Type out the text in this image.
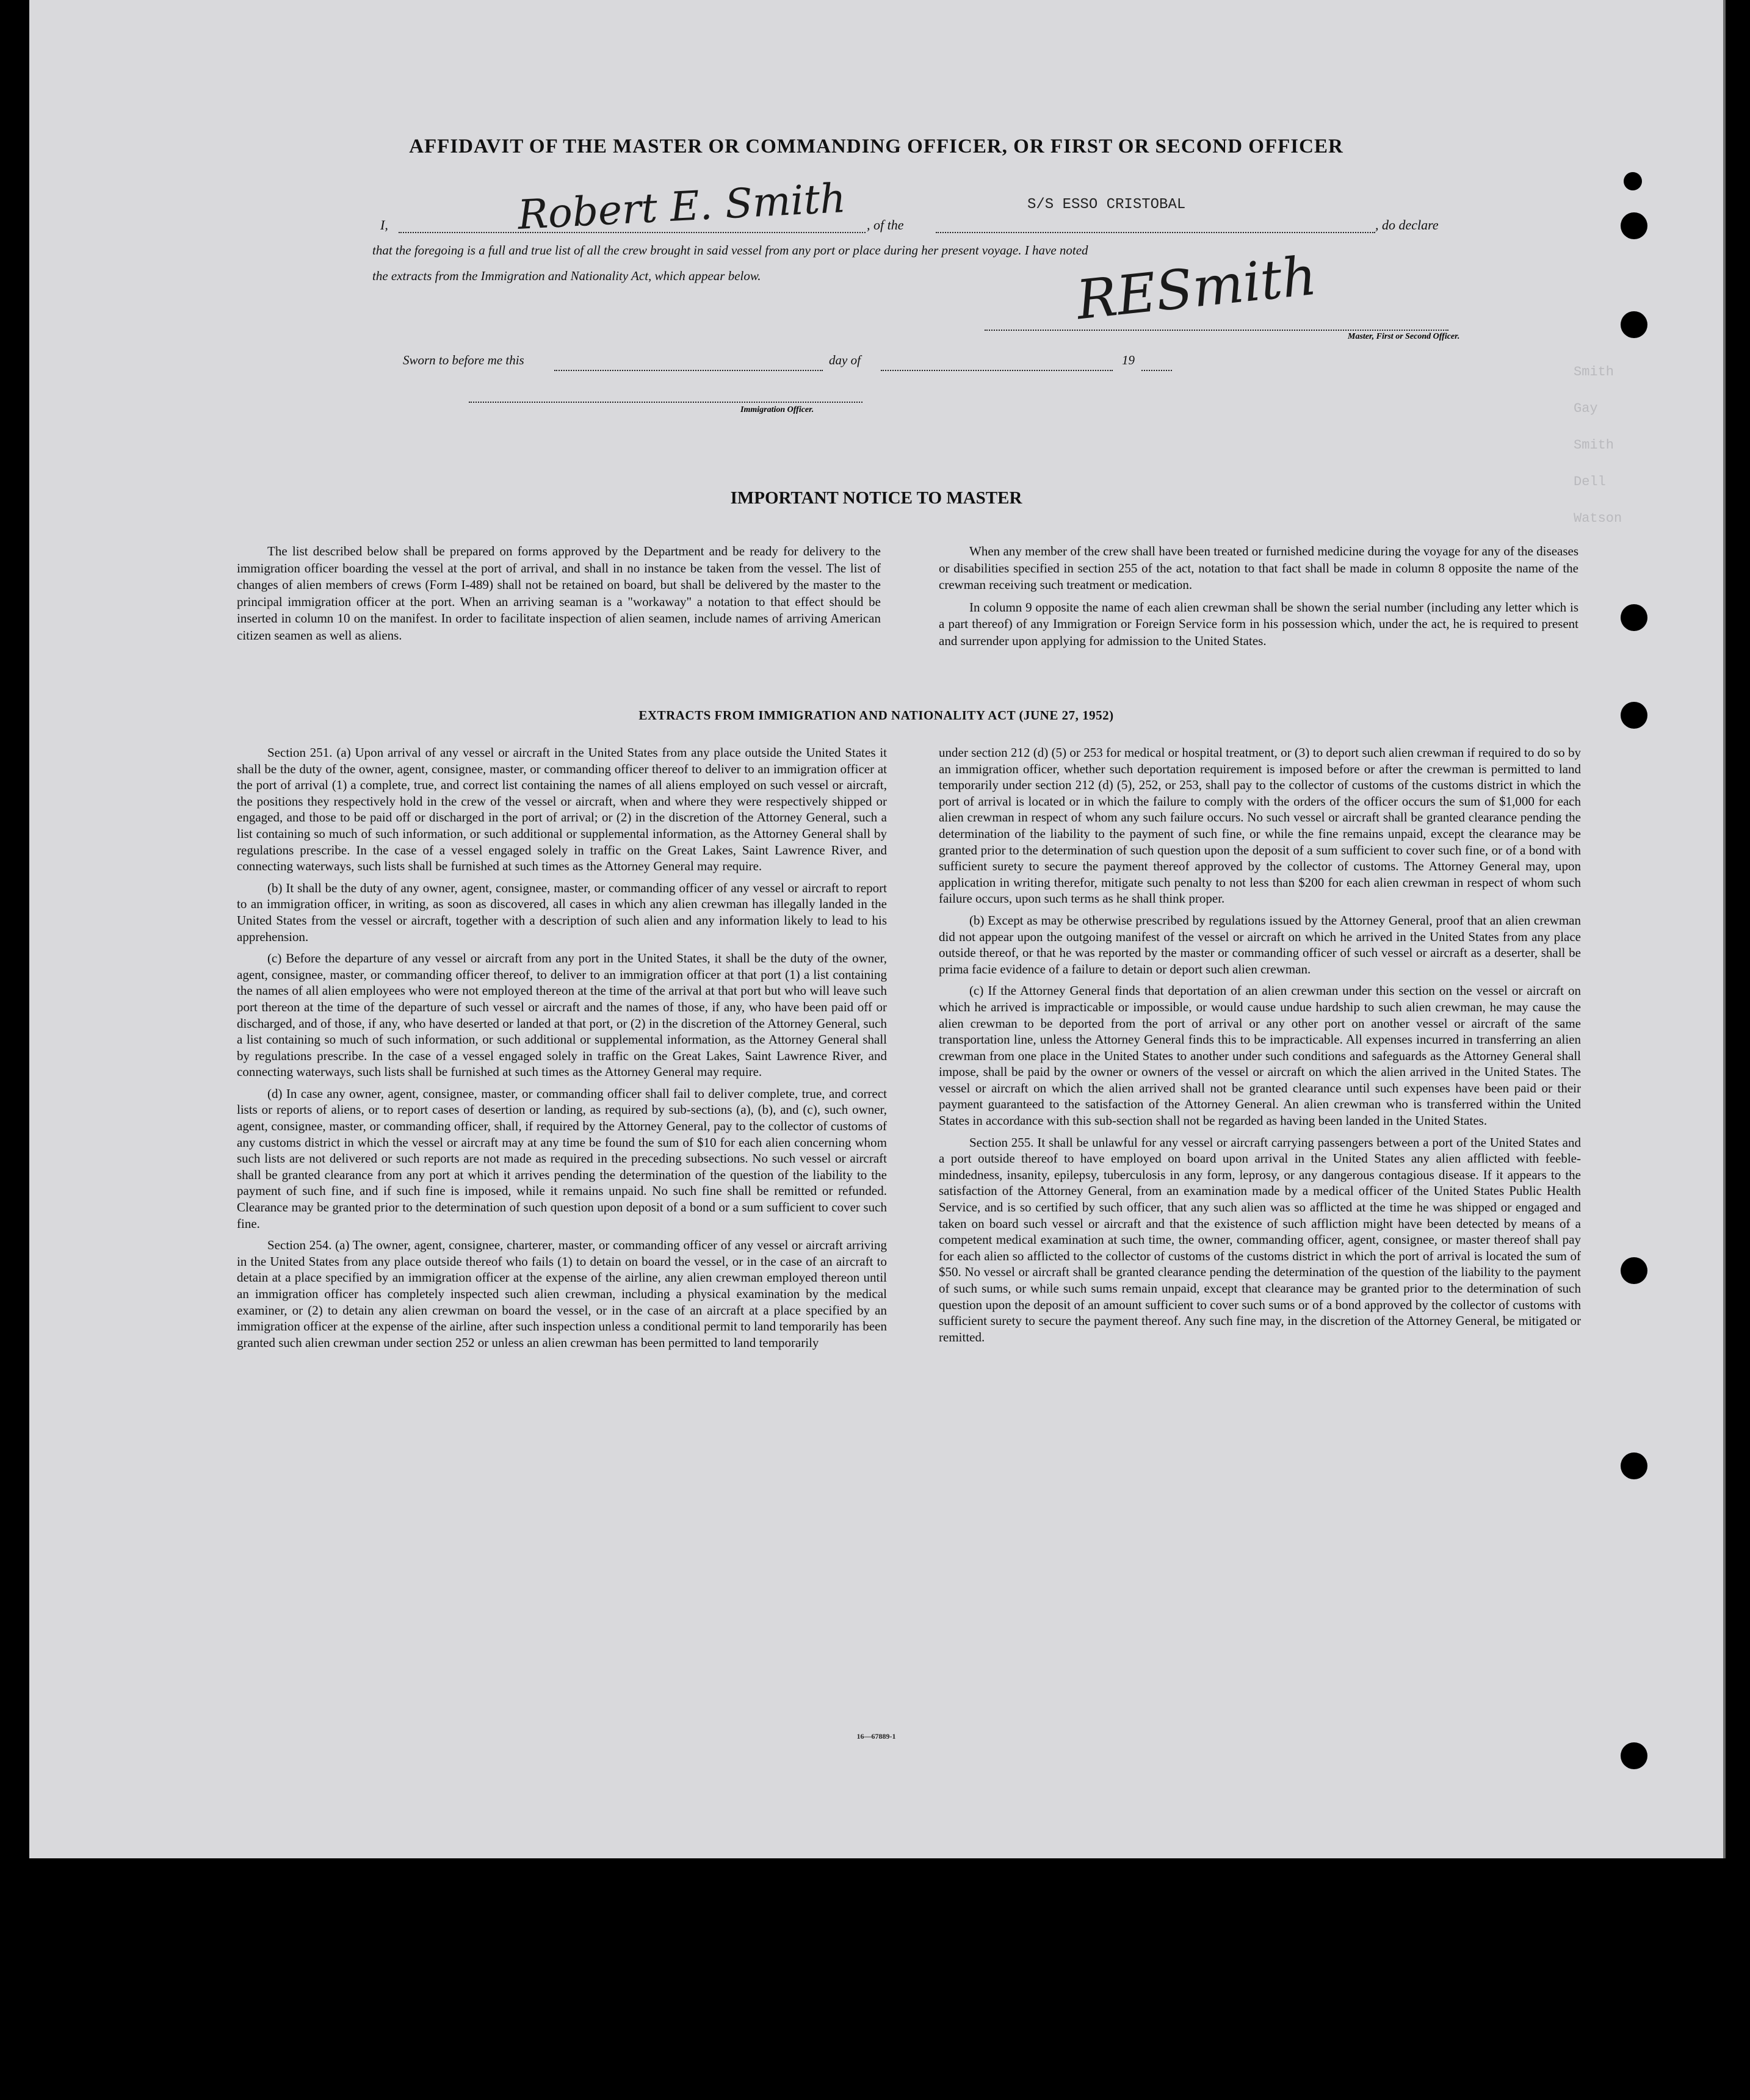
AFFIDAVIT OF THE MASTER OR COMMANDING OFFICER, OR FIRST OR SECOND OFFICER
I,	Robert E. Smith , of the
S/S ESSO CRISTOBAL
, do declare
that the foregoing is a full and true list of all the crew brought in said vessel from any port or place during her present voyage. I have noted
the extracts from the Immigration and Nationality Act, which appear below.	RESmith
Master, First or Second Officer.
Sworn to before me this	day of	19
Immigration Officer.
Smith
Gay
Smith
Dell
Watson
IMPORTANT NOTICE TO MASTER

The list described below shall be prepared on forms approved by the Department and be ready for delivery to the immigration officer boarding the vessel at the port of arrival, and shall in no instance be taken from the vessel. The list of changes of alien members of crews (Form I-489) shall not be retained on board, but shall be delivered by the master to the principal immigration officer at the port. When an arriving seaman is a "workaway" a notation to that effect should be inserted in column 10 on the manifest. In order to facilitate inspection of alien seamen, include names of arriving American citizen seamen as well as aliens.

When any member of the crew shall have been treated or furnished medicine during the voyage for any of the diseases or disabilities specified in section 255 of the act, notation to that fact shall be made in column 8 opposite the name of the crewman receiving such treatment or medication.

In column 9 opposite the name of each alien crewman shall be shown the serial number (including any letter which is a part thereof) of any Immigration or Foreign Service form in his possession which, under the act, he is required to present and surrender upon applying for admission to the United States.

EXTRACTS FROM IMMIGRATION AND NATIONALITY ACT (JUNE 27, 1952)

Section 251. (a) Upon arrival of any vessel or aircraft in the United States from any place outside the United States it shall be the duty of the owner, agent, consignee, master, or commanding officer thereof to deliver to an immigration officer at the port of arrival (1) a complete, true, and correct list containing the names of all aliens employed on such vessel or aircraft, the positions they respectively hold in the crew of the vessel or aircraft, when and where they were respectively shipped or engaged, and those to be paid off or discharged in the port of arrival; or (2) in the discretion of the Attorney General, such a list containing so much of such information, or such additional or supplemental information, as the Attorney General shall by regulations prescribe. In the case of a vessel engaged solely in traffic on the Great Lakes, Saint Lawrence River, and connecting waterways, such lists shall be furnished at such times as the Attorney General may require.

(b) It shall be the duty of any owner, agent, consignee, master, or commanding officer of any vessel or aircraft to report to an immigration officer, in writing, as soon as discovered, all cases in which any alien crewman has illegally landed in the United States from the vessel or aircraft, together with a description of such alien and any information likely to lead to his apprehension.

(c) Before the departure of any vessel or aircraft from any port in the United States, it shall be the duty of the owner, agent, consignee, master, or commanding officer thereof, to deliver to an immigration officer at that port (1) a list containing the names of all alien employees who were not employed thereon at the time of the arrival at that port but who will leave such port thereon at the time of the departure of such vessel or aircraft and the names of those, if any, who have been paid off or discharged, and of those, if any, who have deserted or landed at that port, or (2) in the discretion of the Attorney General, such a list containing so much of such information, or such additional or supplemental information, as the Attorney General shall by regulations prescribe. In the case of a vessel engaged solely in traffic on the Great Lakes, Saint Lawrence River, and connecting waterways, such lists shall be furnished at such times as the Attorney General may require.

(d) In case any owner, agent, consignee, master, or commanding officer shall fail to deliver complete, true, and correct lists or reports of aliens, or to report cases of desertion or landing, as required by sub-sections (a), (b), and (c), such owner, agent, consignee, master, or commanding officer, shall, if required by the Attorney General, pay to the collector of customs of any customs district in which the vessel or aircraft may at any time be found the sum of $10 for each alien concerning whom such lists are not delivered or such reports are not made as required in the preceding subsections. No such vessel or aircraft shall be granted clearance from any port at which it arrives pending the determination of the question of the liability to the payment of such fine, and if such fine is imposed, while it remains unpaid. No such fine shall be remitted or refunded. Clearance may be granted prior to the determination of such question upon deposit of a bond or a sum sufficient to cover such fine.

Section 254. (a) The owner, agent, consignee, charterer, master, or commanding officer of any vessel or aircraft arriving in the United States from any place outside thereof who fails (1) to detain on board the vessel, or in the case of an aircraft to detain at a place specified by an immigration officer at the expense of the airline, any alien crewman employed thereon until an immigration officer has completely inspected such alien crewman, including a physical examination by the medical examiner, or (2) to detain any alien crewman on board the vessel, or in the case of an aircraft at a place specified by an immigration officer at the expense of the airline, after such inspection unless a conditional permit to land temporarily has been granted such alien crewman under section 252 or unless an alien crewman has been permitted to land temporarily

under section 212 (d) (5) or 253 for medical or hospital treatment, or (3) to deport such alien crewman if required to do so by an immigration officer, whether such deportation requirement is imposed before or after the crewman is permitted to land temporarily under section 212 (d) (5), 252, or 253, shall pay to the collector of customs of the customs district in which the port of arrival is located or in which the failure to comply with the orders of the officer occurs the sum of $1,000 for each alien crewman in respect of whom any such failure occurs. No such vessel or aircraft shall be granted clearance pending the determination of the liability to the payment of such fine, or while the fine remains unpaid, except the clearance may be granted prior to the determination of such question upon the deposit of a sum sufficient to cover such fine, or of a bond with sufficient surety to secure the payment thereof approved by the collector of customs. The Attorney General may, upon application in writing therefor, mitigate such penalty to not less than $200 for each alien crewman in respect of whom such failure occurs, upon such terms as he shall think proper.

(b) Except as may be otherwise prescribed by regulations issued by the Attorney General, proof that an alien crewman did not appear upon the outgoing manifest of the vessel or aircraft on which he arrived in the United States from any place outside thereof, or that he was reported by the master or commanding officer of such vessel or aircraft as a deserter, shall be prima facie evidence of a failure to detain or deport such alien crewman.

(c) If the Attorney General finds that deportation of an alien crewman under this section on the vessel or aircraft on which he arrived is impracticable or impossible, or would cause undue hardship to such alien crewman, he may cause the alien crewman to be deported from the port of arrival or any other port on another vessel or aircraft of the same transportation line, unless the Attorney General finds this to be impracticable. All expenses incurred in transferring an alien crewman from one place in the United States to another under such conditions and safeguards as the Attorney General shall impose, shall be paid by the owner or owners of the vessel or aircraft on which the alien arrived in the United States. The vessel or aircraft on which the alien arrived shall not be granted clearance until such expenses have been paid or their payment guaranteed to the satisfaction of the Attorney General. An alien crewman who is transferred within the United States in accordance with this sub-section shall not be regarded as having been landed in the United States.

Section 255. It shall be unlawful for any vessel or aircraft carrying passengers between a port of the United States and a port outside thereof to have employed on board upon arrival in the United States any alien afflicted with feeble-mindedness, insanity, epilepsy, tuberculosis in any form, leprosy, or any dangerous contagious disease. If it appears to the satisfaction of the Attorney General, from an examination made by a medical officer of the United States Public Health Service, and is so certified by such officer, that any such alien was so afflicted at the time he was shipped or engaged and taken on board such vessel or aircraft and that the existence of such affliction might have been detected by means of a competent medical examination at such time, the owner, commanding officer, agent, consignee, or master thereof shall pay for each alien so afflicted to the collector of customs of the customs district in which the port of arrival is located the sum of $50. No vessel or aircraft shall be granted clearance pending the determination of the question of the liability to the payment of such sums, or while such sums remain unpaid, except that clearance may be granted prior to the determination of such question upon the deposit of an amount sufficient to cover such sums or of a bond approved by the collector of customs with sufficient surety to secure the payment thereof. Any such fine may, in the discretion of the Attorney General, be mitigated or remitted.

16—67889-1
